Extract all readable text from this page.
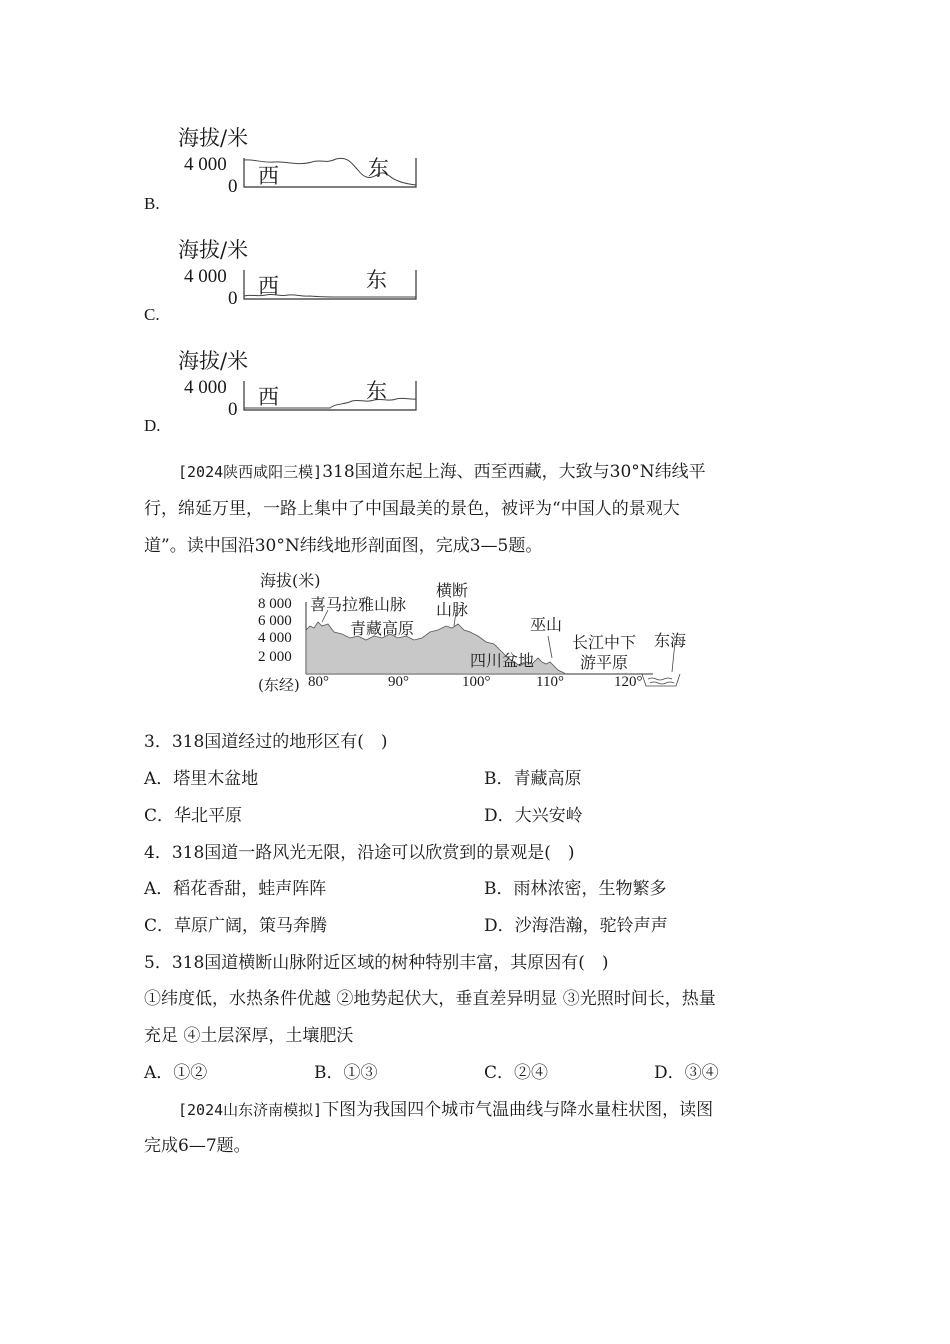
B.
海拔/米
4 000
0 西	东
C.
海拔/米
4 000
0
西	东
D.
海拔/米
4 000
0
西	东
[2024陕西咸阳三模]318国道东起上海、西至西藏，大致与30°N纬线平
行，绵延万里，一路上集中了中国最美的景色，被评为“中国人的景观大
道”。读中国沿30°N纬线地形剖面图，完成3—5题。
海拔(米)
8 000
6 000
4 000
2 000
(东经) 80°	90°	100°	110°	120°
喜马拉雅山脉
青藏高原
横断
山脉
巫山
四川盆地
长江中下
游平原
东海
3．318国道经过的地形区有(　)
A．塔里木盆地	B．青藏高原
C．华北平原	D．大兴安岭
4．318国道一路风光无限，沿途可以欣赏到的景观是(　)
A．稻花香甜，蛙声阵阵	B．雨林浓密，生物繁多
C．草原广阔，策马奔腾	D．沙海浩瀚，驼铃声声
5．318国道横断山脉附近区域的树种特别丰富，其原因有(　)
①纬度低，水热条件优越 ②地势起伏大，垂直差异明显 ③光照时间长，热量
充足 ④土层深厚，土壤肥沃
A．①②	B．①③	C．②④	D．③④
[2024山东济南模拟]下图为我国四个城市气温曲线与降水量柱状图，读图
完成6—7题。
